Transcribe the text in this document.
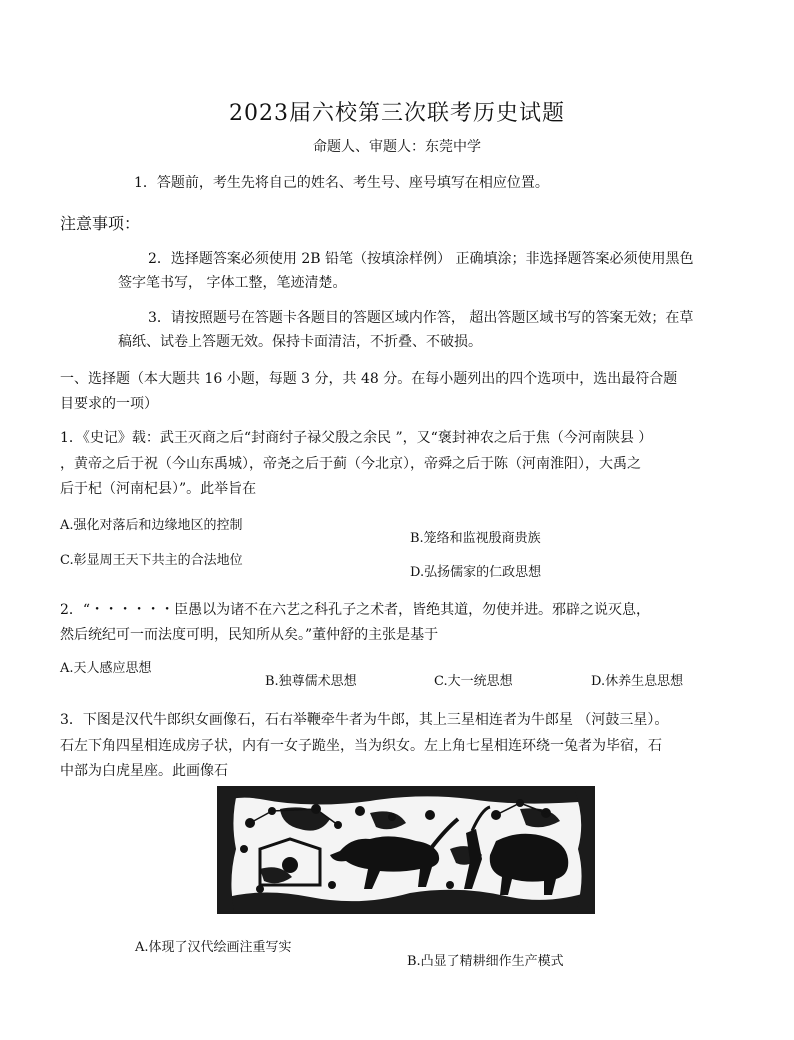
2023届六校第三次联考历史试题
命题人、审题人：东莞中学
1．答题前，考生先将自己的姓名、考生号、座号填写在相应位置。
注意事项：
2．选择题答案必须使用 2B 铅笔（按填涂样例） 正确填涂；非选择题答案必须使用黑色
签字笔书写， 字体工整，笔迹清楚。
3．请按照题号在答题卡各题目的答题区域内作答， 超出答题区域书写的答案无效；在草
稿纸、试卷上答题无效。保持卡面清洁，不折叠、不破损。
一、选择题（本大题共 16 小题，每题 3 分，共 48 分。在每小题列出的四个选项中，选出最符合题
目要求的一项）
1．《史记》载：武王灭商之后“封商纣子禄父殷之余民 ”，又“褒封神农之后于焦（今河南陕县 ）
，黄帝之后于祝（今山东禹城），帝尧之后于蓟（今北京），帝舜之后于陈（河南淮阳），大禹之
后于杞（河南杞县）”。此举旨在
A.强化对落后和边缘地区的控制
B.笼络和监视殷商贵族
C.彰显周王天下共主的合法地位
D.弘扬儒家的仁政思想
2．“・・・・・・臣愚以为诸不在六艺之科孔子之术者，皆绝其道，勿使并进。邪辟之说灭息，
然后统纪可一而法度可明，民知所从矣。”董仲舒的主张是基于
A.天人感应思想
B.独尊儒术思想	C.大一统思想	D.休养生息思想
3．下图是汉代牛郎织女画像石，石右举鞭牵牛者为牛郎，其上三星相连者为牛郎星 （河鼓三星）。
石左下角四星相连成房子状，内有一女子跪坐，当为织女。左上角七星相连环绕一兔者为毕宿，石
中部为白虎星座。此画像石
A.体现了汉代绘画注重写实
B.凸显了精耕细作生产模式
